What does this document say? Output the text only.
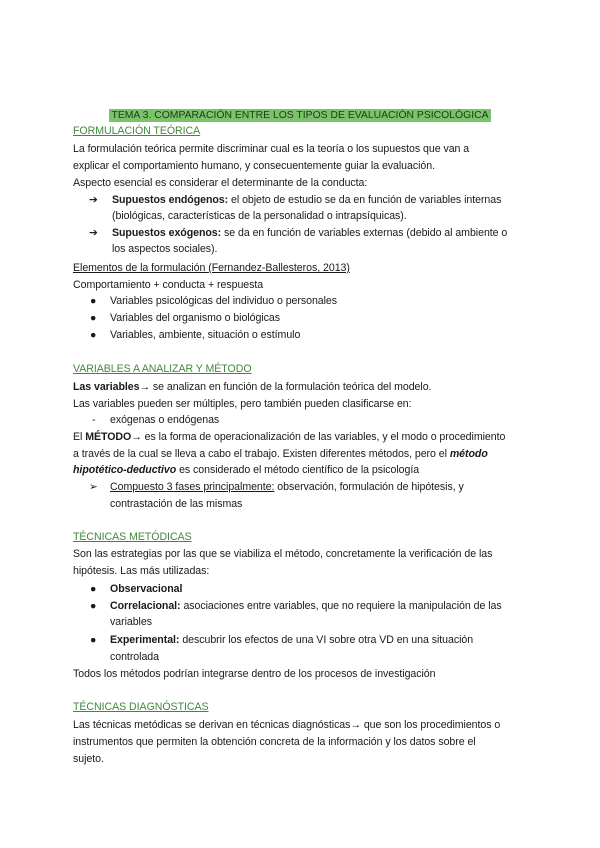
TEMA 3. COMPARACIÓN ENTRE LOS TIPOS DE EVALUACIÓN PSICOLÓGICA
FORMULACIÓN TEÓRICA
La formulación teórica permite discriminar cual es la teoría o los supuestos que van a
explicar el comportamiento humano, y consecuentemente guiar la evaluación.
Aspecto esencial es considerar el determinante de la conducta:
➔ Supuestos endógenos: el objeto de estudio se da en función de variables internas
(biológicas, características de la personalidad o intrapsíquicas).
➔ Supuestos exógenos: se da en función de variables externas (debido al ambiente o
los aspectos sociales).
Elementos de la formulación (Fernandez-Ballesteros, 2013)
Comportamiento + conducta + respuesta
● Variables psicológicas del individuo o personales
● Variables del organismo o biológicas
● Variables, ambiente, situación o estímulo
VARIABLES A ANALIZAR Y MÉTODO
Las variables→ se analizan en función de la formulación teórica del modelo.
Las variables pueden ser múltiples, pero también pueden clasificarse en:
- exógenas o endógenas
El MÉTODO→ es la forma de operacionalización de las variables, y el modo o procedimiento
a través de la cual se lleva a cabo el trabajo. Existen diferentes métodos, pero el método
hipotético-deductivo es considerado el método científico de la psicología
➢ Compuesto 3 fases principalmente: observación, formulación de hipótesis, y
contrastación de las mismas
TÉCNICAS METÓDICAS
Son las estrategias por las que se viabiliza el método, concretamente la verificación de las
hipótesis. Las más utilizadas:
● Observacional
● Correlacional: asociaciones entre variables, que no requiere la manipulación de las
variables
● Experimental: descubrir los efectos de una VI sobre otra VD en una situación
controlada
Todos los métodos podrían integrarse dentro de los procesos de investigación
TÉCNICAS DIAGNÓSTICAS
Las técnicas metódicas se derivan en técnicas diagnósticas→ que son los procedimientos o
instrumentos que permiten la obtención concreta de la información y los datos sobre el
sujeto.
